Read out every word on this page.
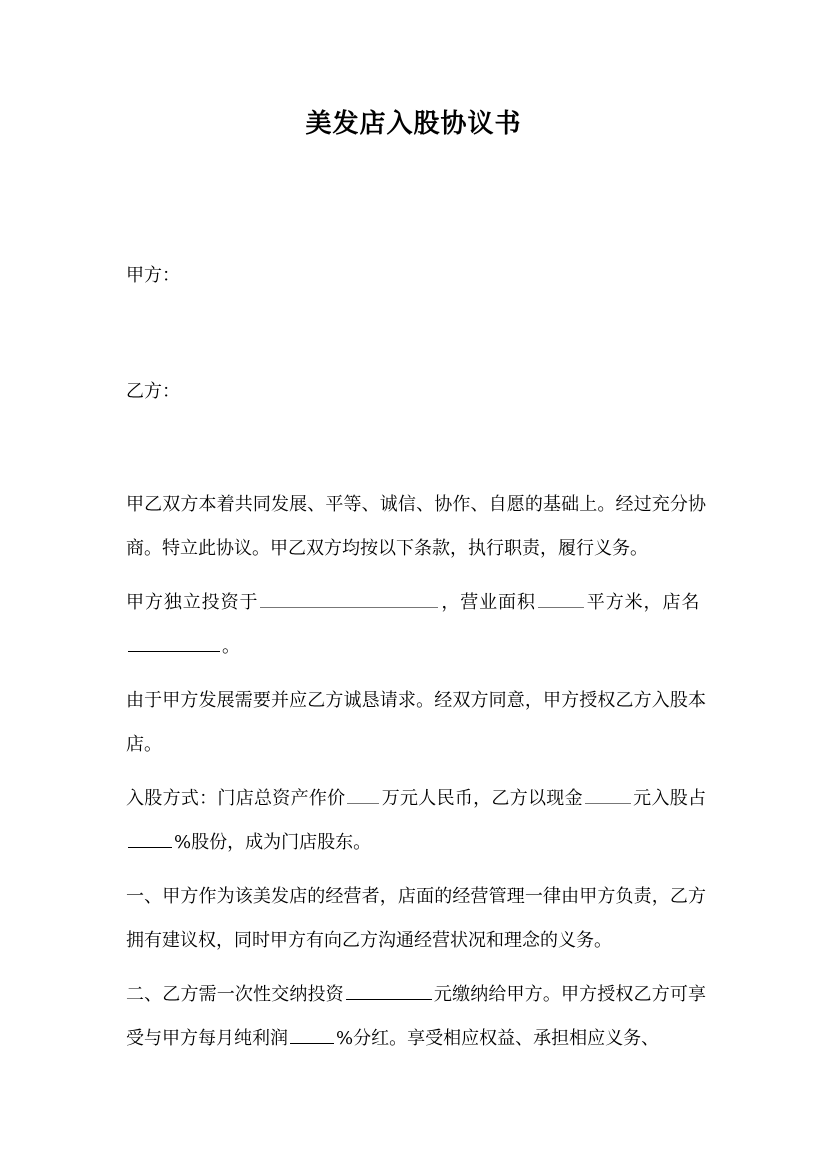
美发店入股协议书
甲方：
乙方：

甲乙双方本着共同发展、平等、诚信、协作、自愿的基础上。经过充分协商。特立此协议。甲乙双方均按以下条款，执行职责，履行义务。

甲方独立投资于	，营业面积	平方米，店名 。

由于甲方发展需要并应乙方诚恳请求。经双方同意，甲方授权乙方入股本店。

入股方式：门店总资产作价 万元人民币，乙方以现金	元入股占%股份，成为门店股东。

一、甲方作为该美发店的经营者，店面的经营管理一律由甲方负责，乙方拥有建议权，同时甲方有向乙方沟通经营状况和理念的义务。

二、乙方需一次性交纳投资	元缴纳给甲方。甲方授权乙方可享受与甲方每月纯利润	%分红。享受相应权益、承担相应义务、
